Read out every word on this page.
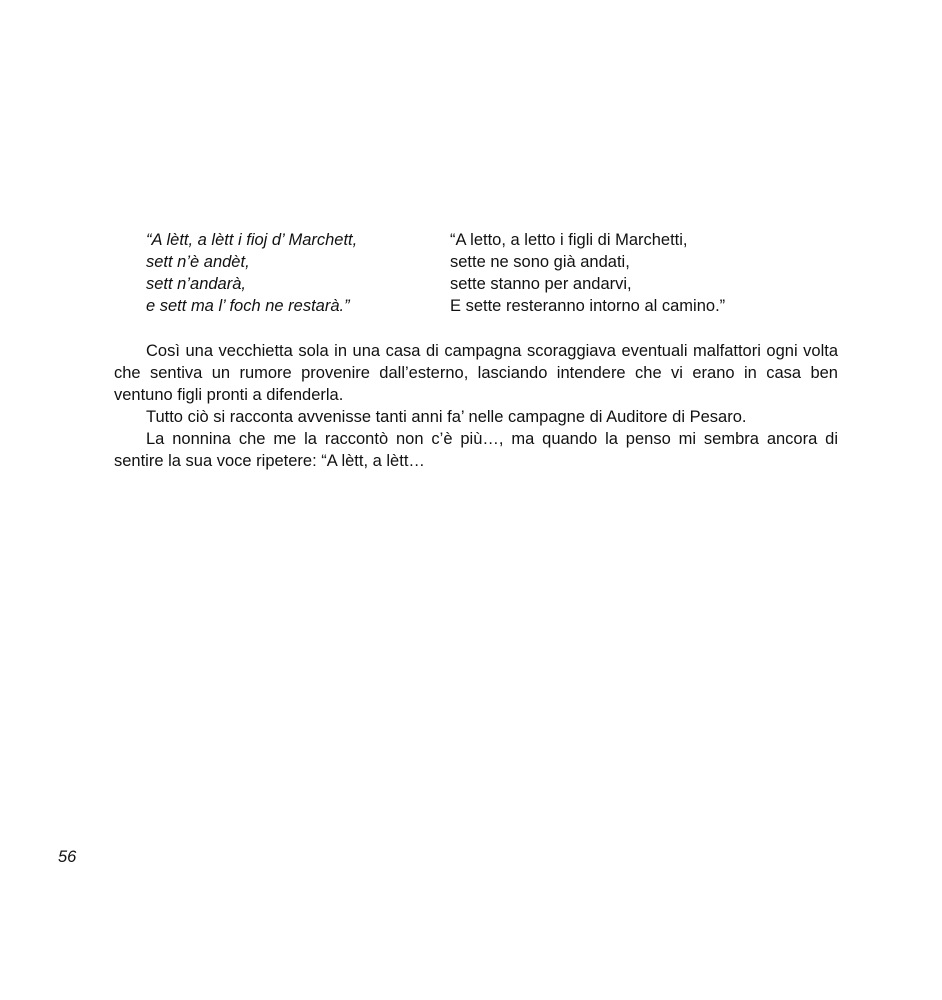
“A lètt, a lètt i fioj d’ Marchett,
sett n’è andèt,
sett n’andarà,
e sett ma l’ foch ne restarà.”
“A letto, a letto i figli di Marchetti,
sette ne sono già andati,
sette stanno per andarvi,
E sette resteranno intorno al camino.”

Così una vecchietta sola in una casa di campagna scoraggiava eventuali malfattori ogni volta che sentiva un rumore provenire dall’esterno, lasciando intendere che vi erano in casa ben ventuno figli pronti a difenderla.

Tutto ciò si racconta avvenisse tanti anni fa’ nelle campagne di Auditore di Pesaro.

La nonnina che me la raccontò non c’è più…, ma quando la penso mi sembra ancora di sentire la sua voce ripetere: “A lètt, a lètt…

56
